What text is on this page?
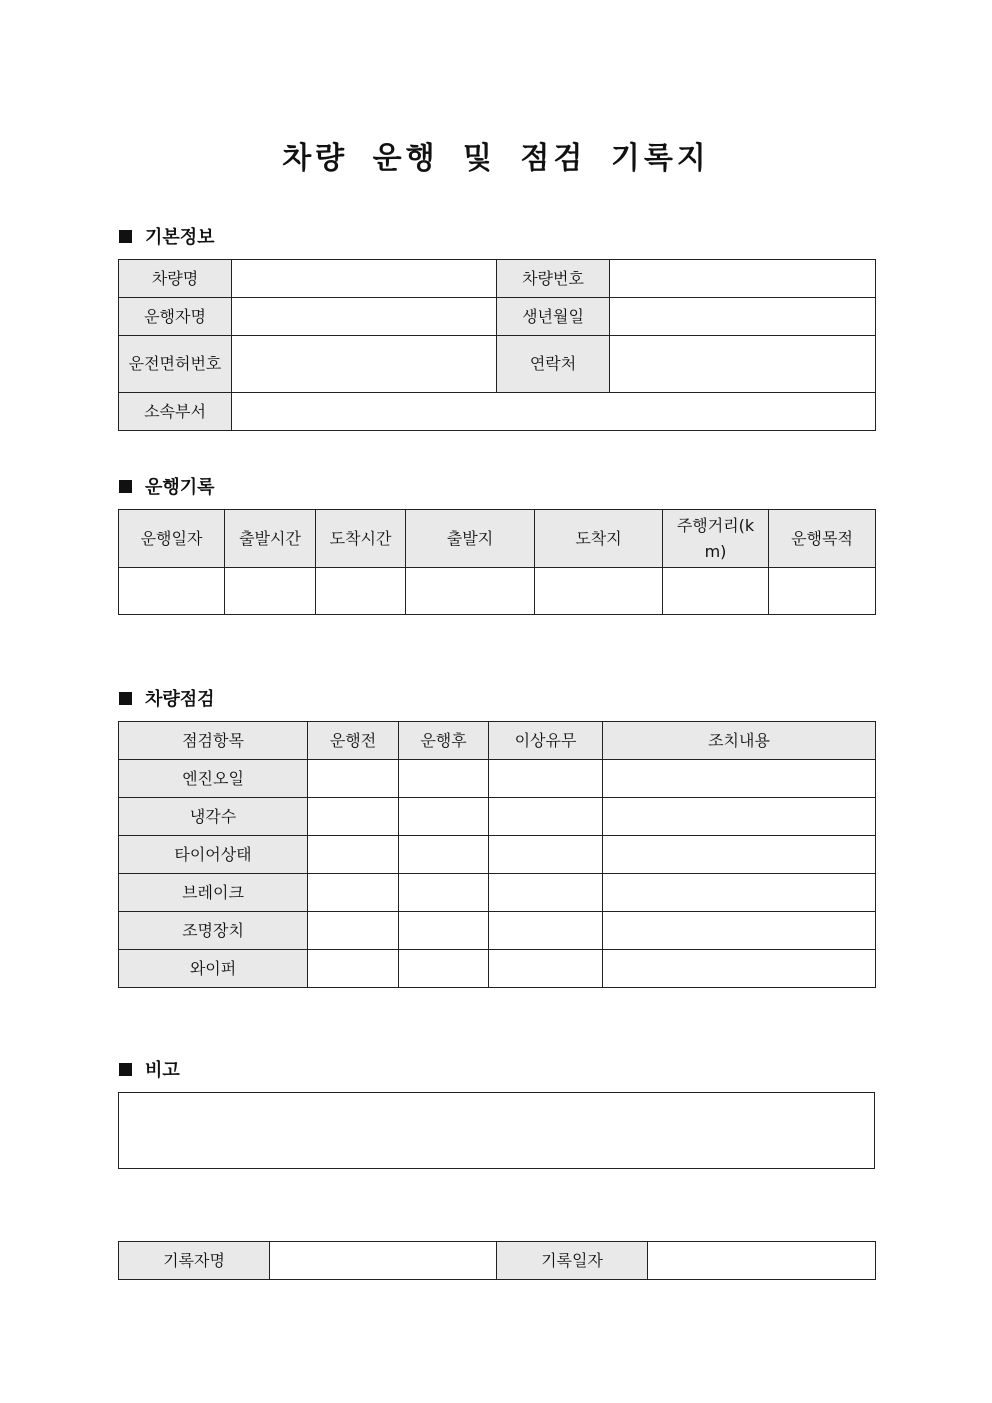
차량 운행 및 점검 기록지
기본정보
차량명		차량번호	
운행자명		생년월일	
운전면허번호		연락처	
소속부서			
운행기록
운행일자	출발시간	도착시간	출발지	도착지	주행거리(km)	운행목적

차량점검
점검항목	운행전	운행후	이상유무	조치내용
엔진오일				
냉각수				
타이어상태				
브레이크				
조명장치				
와이퍼				
비고
기록자명		기록일자	
